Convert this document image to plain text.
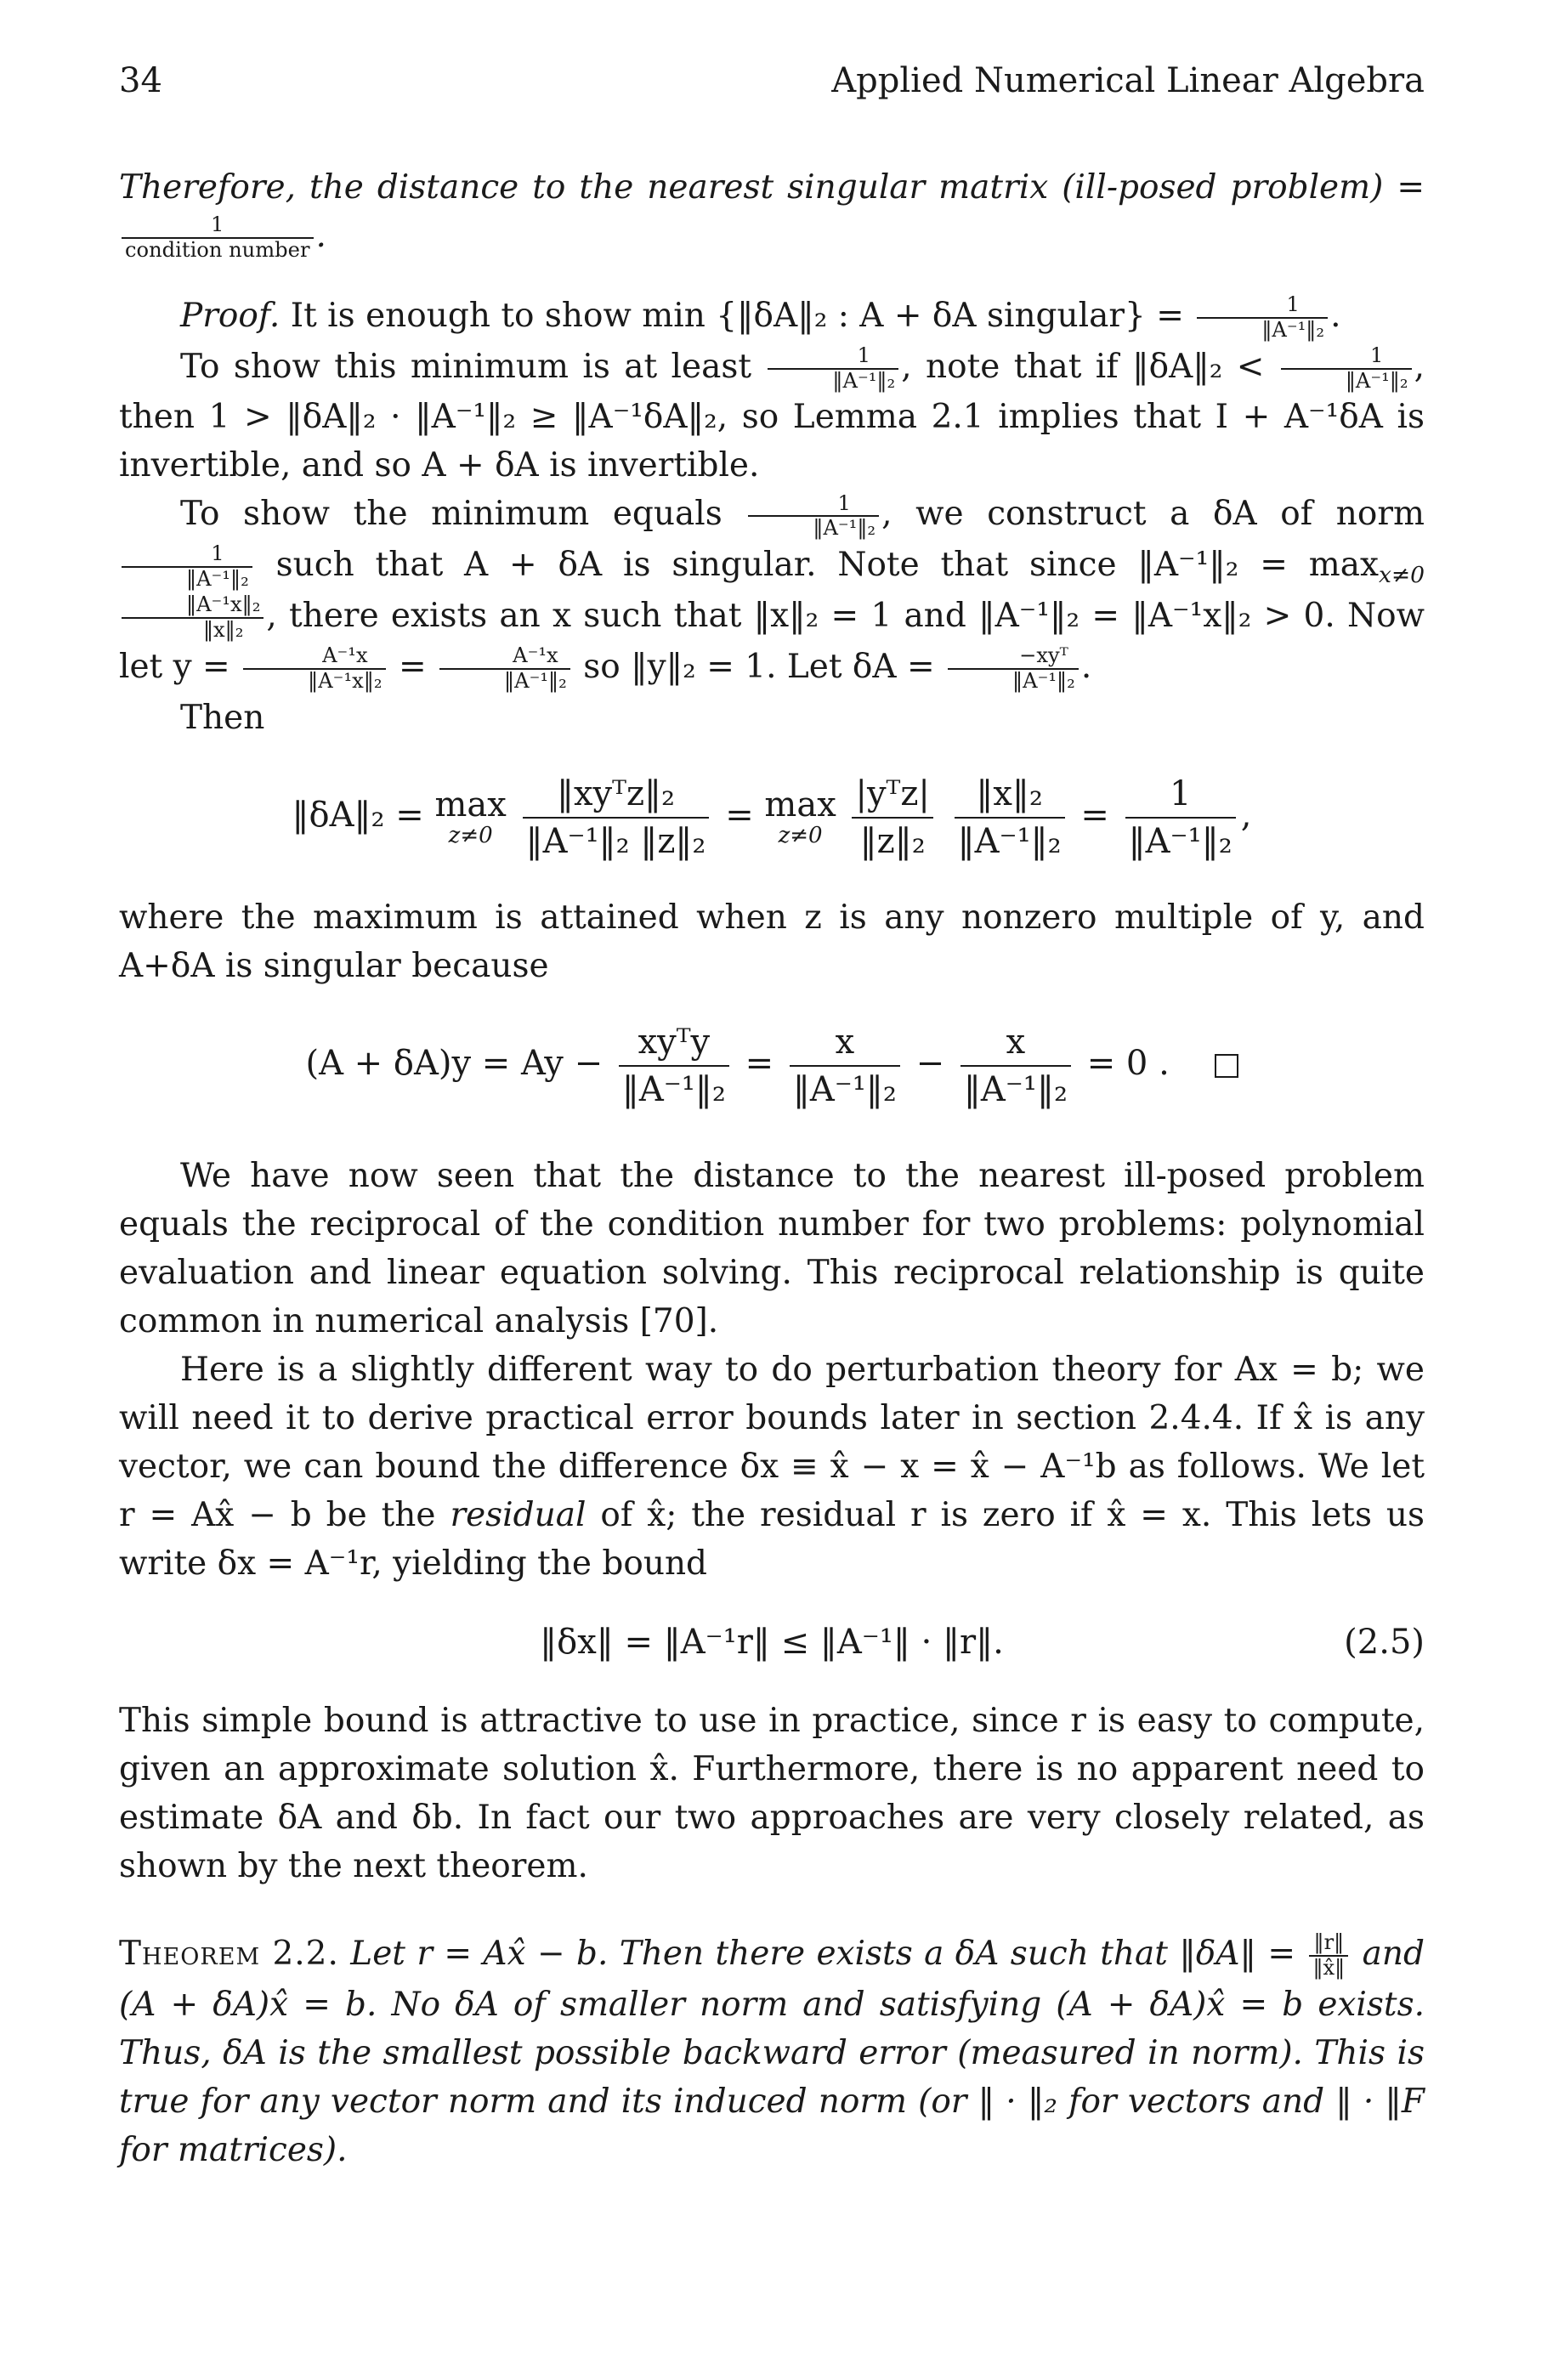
34	Applied Numerical Linear Algebra

Therefore, the distance to the nearest singular matrix (ill-posed problem) =
$\frac{1}{\text{condition number}}$ .

Proof. It is enough to show min {‖δA‖₂ : A + δA singular} = $\frac{1}{\text{‖A⁻¹‖₂}}$ .

To show this minimum is at least $\frac{1}{\text{‖A⁻¹‖₂}}$ , note that if ‖δA‖₂ < $\frac{1}{\text{‖A⁻¹‖₂}}$ , then 1 > ‖δA‖₂ · ‖A⁻¹‖₂ ≥ ‖A⁻¹δA‖₂, so Lemma 2.1 implies that I + A⁻¹δA is invertible, and so A + δA is invertible.

To show the minimum equals $\frac{1}{\text{‖A⁻¹‖₂}}$ , we construct a δA of norm
$\frac{1}{\text{‖A⁻¹‖₂}}$ such that A + δA is singular. Note that since ‖A⁻¹‖₂ = $\max_{x\ne 0}$
$\frac{\text{‖A⁻¹x‖₂}}{\text{‖x‖₂}}$ , there exists an x such that ‖x‖₂ = 1 and ‖A⁻¹‖₂ = ‖A⁻¹x‖₂ > 0. Now let $y = \frac{\text{A⁻¹x}}{\text{‖A⁻¹x‖₂}} = \frac{\text{A⁻¹x}}{\text{‖A⁻¹‖₂}}$ so ‖y‖₂ = 1. Let $\delta A = \frac{\text{−xyᵀ}}{\text{‖A⁻¹‖₂}}$ .

Then

‖δA‖₂ = max
z≠0
$\frac{\text{‖xyᵀz‖₂}}{\text{‖A⁻¹‖₂ ‖z‖₂}} = \max$
z≠0
$\frac{\text{|yᵀz|}}{\text{‖z‖₂}}$
$\frac{\text{‖x‖₂}}{\text{‖A⁻¹‖₂}} = \frac{1}{\text{‖A⁻¹‖₂}}$ ,

where the maximum is attained when z is any nonzero multiple of y, and A+δA is singular because

$(A + \delta A)y = Ay - \frac{\text{xyᵀy}}{\text{‖A⁻¹‖₂}} = \frac{x}{\text{‖A⁻¹‖₂}} - \frac{x}{\text{‖A⁻¹‖₂}} = 0$ .

We have now seen that the distance to the nearest ill-posed problem equals the reciprocal of the condition number for two problems: polynomial evaluation and linear equation solving. This reciprocal relationship is quite common in numerical analysis [70].

Here is a slightly different way to do perturbation theory for Ax = b; we will need it to derive practical error bounds later in section 2.4.4. If x̂ is any vector, we can bound the difference δx ≡ x̂ − x = x̂ − A⁻¹b as follows. We let r = Ax̂ − b be the residual of x̂; the residual r is zero if x̂ = x. This lets us write δx = A⁻¹r, yielding the bound

‖δx‖ = ‖A⁻¹r‖ ≤ ‖A⁻¹‖ · ‖r‖.	(2.5)

This simple bound is attractive to use in practice, since r is easy to compute, given an approximate solution x̂. Furthermore, there is no apparent need to estimate δA and δb. In fact our two approaches are very closely related, as shown by the next theorem.

Theorem 2.2. Let r = Ax̂ − b. Then there exists a δA such that ‖δA‖ = $\frac{‖r‖}{‖x̂‖}$ and (A + δA)x̂ = b. No δA of smaller norm and satisfying (A + δA)x̂ = b exists. Thus, δA is the smallest possible backward error (measured in norm). This is true for any vector norm and its induced norm (or ‖ · ‖₂ for vectors and ‖ · ‖F for matrices).
